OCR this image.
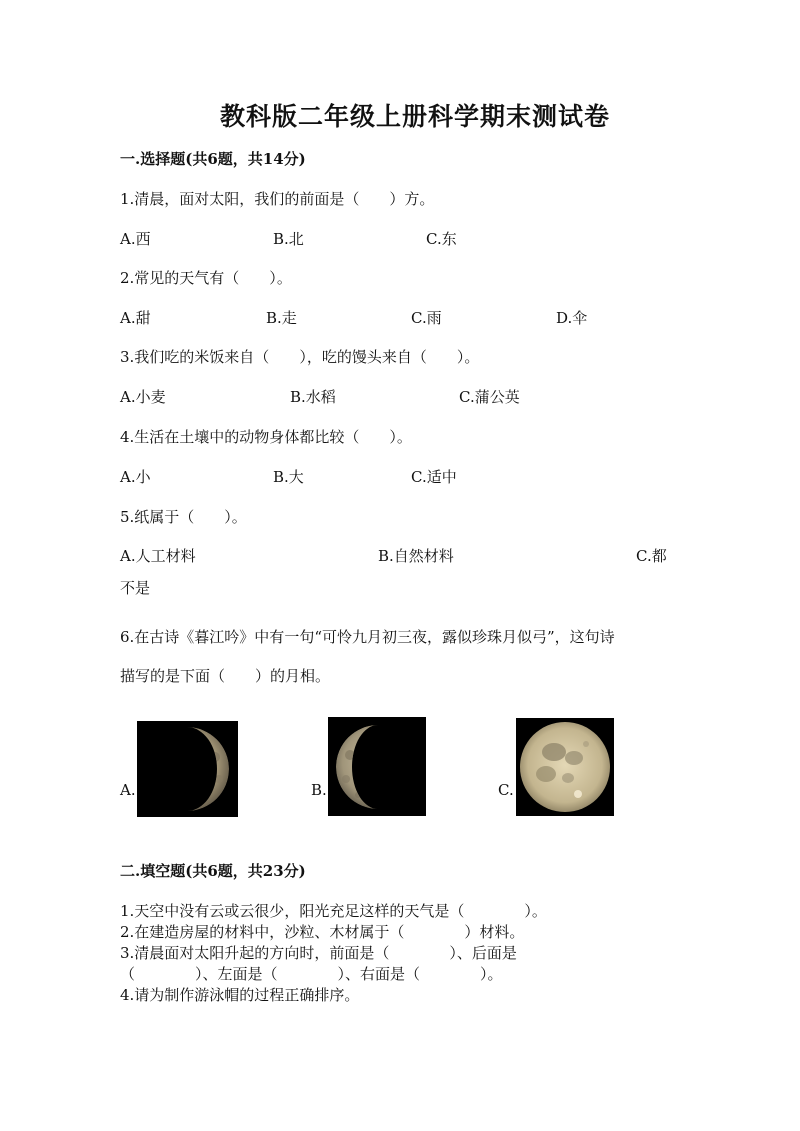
教科版二年级上册科学期末测试卷
一.选择题(共6题，共14分)
1.清晨，面对太阳，我们的前面是（　　）方。
A.西	B.北	C.东
2.常见的天气有（　　）。
A.甜	B.走	C.雨	D.伞
3.我们吃的米饭来自（　　），吃的馒头来自（　　）。
A.小麦	B.水稻	C.蒲公英
4.生活在土壤中的动物身体都比较（　　）。
A.小	B.大	C.适中
5.纸属于（　　）。
A.人工材料	B.自然材料	C.都
不是
6.在古诗《暮江吟》中有一句“可怜九月初三夜，露似珍珠月似弓”，这句诗
描写的是下面（　　）的月相。
A.	B.	C.
二.填空题(共6题，共23分)
1.天空中没有云或云很少，阳光充足这样的天气是（　　　　）。
2.在建造房屋的材料中，沙粒、木材属于（　　　　）材料。
3.清晨面对太阳升起的方向时，前面是（　　　　）、后面是
（　　　　）、左面是（　　　　）、右面是（　　　　）。
4.请为制作游泳帽的过程正确排序。
